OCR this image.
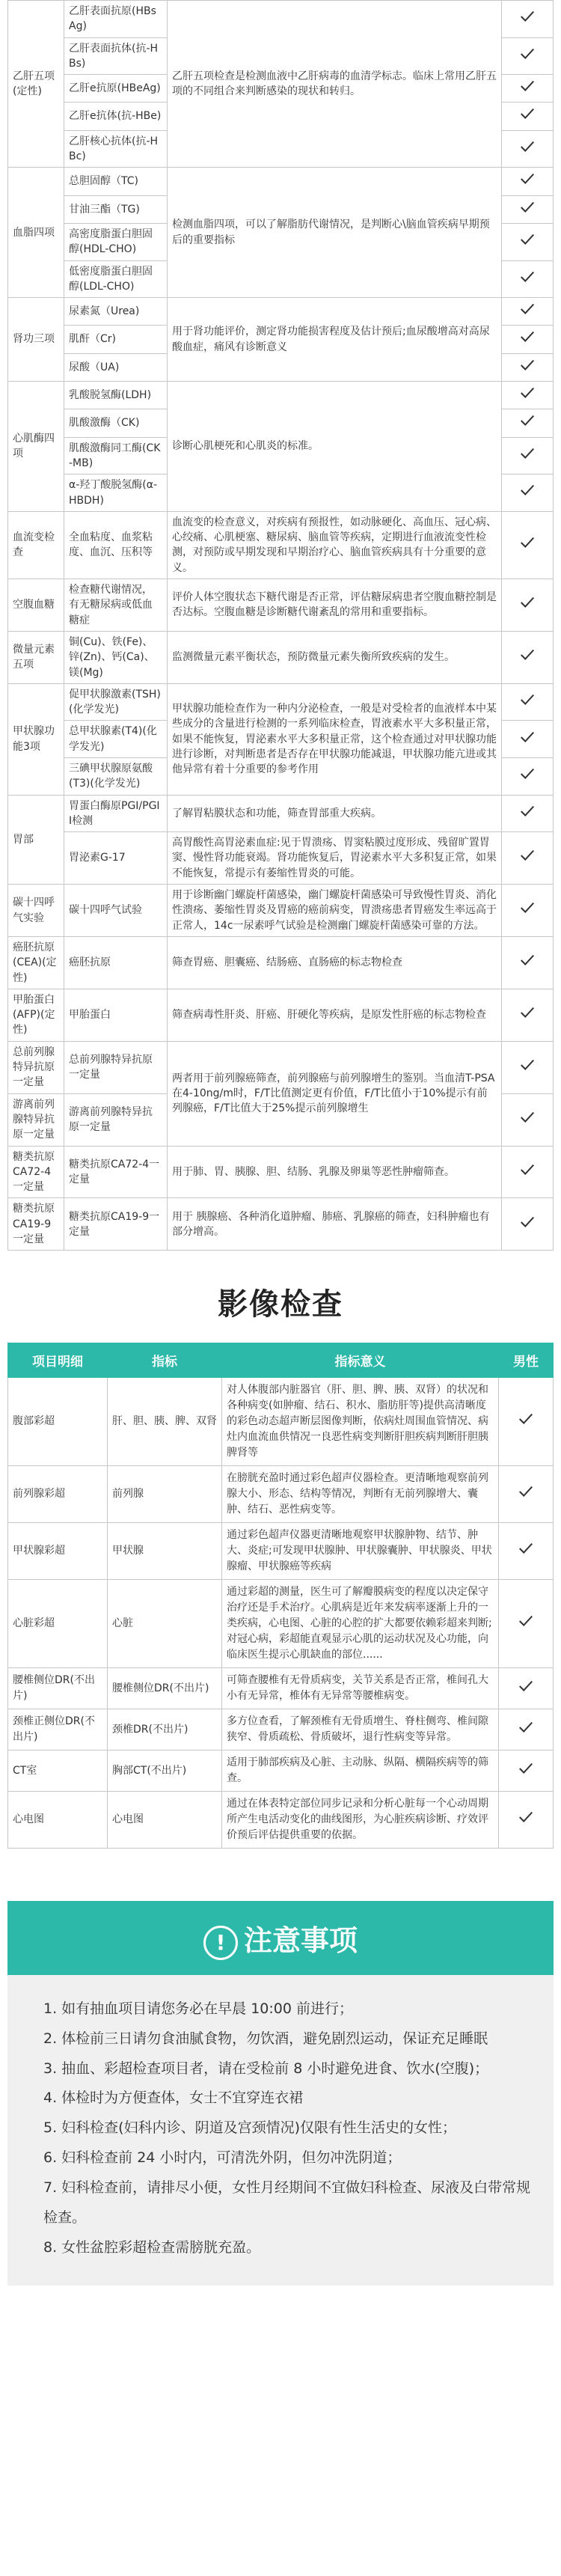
乙肝五项(定性)	乙肝表面抗原(HBsAg)	乙肝五项检查是检测血液中乙肝病毒的血清学标志。临床上常用乙肝五项的不同组合来判断感染的现状和转归。	
	乙肝表面抗体(抗-HBs)	
	乙肝e抗原(HBeAg)	
	乙肝e抗体(抗-HBe)	
	乙肝核心抗体(抗-HBc)	
血脂四项	总胆固醇（TC)	检测血脂四项，可以了解脂肪代谢情况，是判断心\脑血管疾病早期预后的重要指标	
	甘油三酯（TG)	
	高密度脂蛋白胆固醇(HDL-CHO)	
	低密度脂蛋白胆固醇(LDL-CHO)	
肾功三项	尿素氮（Urea)	用于肾功能评价，测定肾功能损害程度及估计预后;血尿酸增高对高尿酸血症，痛风有诊断意义	
	肌酐（Cr)	
	尿酸（UA)	
心肌酶四项	乳酸脱氢酶(LDH)	诊断心肌梗死和心肌炎的标准。	
	肌酸激酶（CK)	
	肌酸激酶同工酶(CK-MB)	
	α-羟丁酸脱氢酶(α-HBDH)	
血流变检查	全血粘度、血浆粘度、血沉、压积等	血流变的检查意义，对疾病有预报性，如动脉硬化、高血压、冠心病、心绞痛、心肌梗塞、糖尿病、脑血管等疾病，定期进行血液流变性检测，对预防或早期发现和早期治疗心、脑血管疾病具有十分重要的意义。	
空腹血糖	检查糖代谢情况，有无糖尿病或低血糖症	评价人体空腹状态下糖代谢是否正常，评估糖尿病患者空腹血糖控制是否达标。空腹血糖是诊断糖代谢紊乱的常用和重要指标。	
微量元素五项	铜(Cu)、铁(Fe)、锌(Zn)、钙(Ca)、镁(Mg)	监测微量元素平衡状态，预防微量元素失衡所致疾病的发生。	
甲状腺功能3项	促甲状腺激素(TSH)(化学发光)	甲状腺功能检查作为一种内分泌检查，一般是对受检者的血液样本中某些成分的含量进行检测的一系列临床检查，胃液素水平大多积量正常，如果不能恢复，胃泌素水平大多积量正常，这个检查通过对甲状腺功能进行诊断，对判断患者是否存在甲状腺功能减退，甲状腺功能亢进或其他异常有着十分重要的参考作用	
	总甲状腺素(T4)(化学发光)	
	三碘甲状腺原氨酸(T3)(化学发光)	
胃部	胃蛋白酶原PGI/PGII检测	了解胃粘膜状态和功能，筛查胃部重大疾病。	
	胃泌素G-17	高胃酸性高胃泌素血症:见于胃溃疡、胃窦粘膜过度形成、残留旷置胃窦、慢性肾功能衰竭。肾功能恢复后，胃泌素水平大多积复正常，如果不能恢复，常提示有萎缩性胃炎的可能。	
碳十四呼气实验	碳十四呼气试验	用于诊断幽门螺旋杆菌感染，幽门螺旋杆菌感染可导致慢性胃炎、消化性溃疡、萎缩性胃炎及胃癌的癌前病变，胃溃疡患者胃癌发生率远高于正常人，14c一尿素呼气试验是检测幽门螺旋杆菌感染可靠的方法。	
癌胚抗原(CEA)(定性)	癌胚抗原	筛查胃癌、胆囊癌、结肠癌、直肠癌的标志物检查	
甲胎蛋白(AFP)(定性)	甲胎蛋白	筛查病毒性肝炎、肝癌、肝硬化等疾病，是原发性肝癌的标志物检查	
总前列腺特异抗原一定量	总前列腺特异抗原一定量	两者用于前列腺癌筛查，前列腺癌与前列腺增生的鉴别。当血清T-PSA在4-10ng/m时，F/T比值测定更有价值，F/T比值小于10%提示有前列腺癌，F/T比值大于25%提示前列腺增生	
游离前列腺特异抗原一定量	游离前列腺特异抗原一定量	
糖类抗原CA72-4一定量	糖类抗原CA72-4一定量	用于肺、胃、胰腺、胆、结肠、乳腺及卵巢等恶性肿瘤筛查。	
糖类抗原CA19-9一定量	糖类抗原CA19-9一定量	用于 胰腺癌、各种消化道肿瘤、肺癌、乳腺癌的筛查，妇科肿瘤也有部分增高。	
影像检查
项目明细	指标	指标意义	男性
腹部彩超	肝、胆、胰、脾、双肾	对人体腹部内脏器官（肝、胆、脾、胰、双肾）的状况和各种病变(如肿瘤、结石、积水、脂肪肝等)提供高清晰度的彩色动态超声断层图像判断，依病灶周围血管情况、病灶内血流血供情况一良恶性病变判断肝胆疾病判断肝胆胰脾肾等	
前列腺彩超	前列腺	在膀胱充盈时通过彩色超声仪器检查。更清晰地观察前列腺大小、形态、结构等情况，判断有无前列腺增大、囊肿、结石、恶性病变等。	
甲状腺彩超	甲状腺	通过彩色超声仪器更清晰地观察甲状腺肿物、结节、肿大、炎症;可发现甲状腺肿、甲状腺囊肿、甲状腺炎、甲状腺瘤、甲状腺癌等疾病	
心脏彩超	心脏	通过彩超的测量，医生可了解瓣膜病变的程度以决定保守治疗还是手术治疗。心肌病是近年来发病率逐渐上升的一类疾病，心电图、心脏的心腔的扩大都要依赖彩超来判断;对冠心病，彩超能直观显示心肌的运动状况及心功能，向临床医生提示心肌缺血的部位......	
腰椎侧位DR(不出片)	腰椎侧位DR(不出片)	可筛查腰椎有无骨质病变，关节关系是否正常，椎间孔大小有无异常，椎体有无异常等腰椎病变。	
颈椎正侧位DR(不出片)	颈椎DR(不出片)	多方位查看，了解颈椎有无骨质增生、脊柱侧弯、椎间隙狭窄、骨质疏松、骨质破坏，退行性病变等异常。	
CT室	胸部CT(不出片)	适用于肺部疾病及心脏、主动脉、纵隔、横隔疾病等的筛查。	
心电图	心电图	通过在体表特定部位同步记录和分析心脏每一个心动周期所产生电活动变化的曲线图形，为心脏疾病诊断、疗效评价预后评估提供重要的依据。	
! 注意事项

1. 如有抽血项目请您务必在早晨 10:00 前进行；

2. 体检前三日请勿食油腻食物，勿饮酒，避免剧烈运动，保证充足睡眠

3. 抽血、彩超检查项目者，请在受检前 8 小时避免进食、饮水(空腹)；

4. 体检时为方便查体，女士不宜穿连衣裙

5. 妇科检查(妇科内诊、阴道及宫颈情况)仅限有性生活史的女性；

6. 妇科检查前 24 小时内，可清洗外阴，但勿冲洗阴道；

7. 妇科检查前，请排尽小便，女性月经期间不宜做妇科检查、尿液及白带常规检查。

8. 女性盆腔彩超检查需膀胱充盈。
